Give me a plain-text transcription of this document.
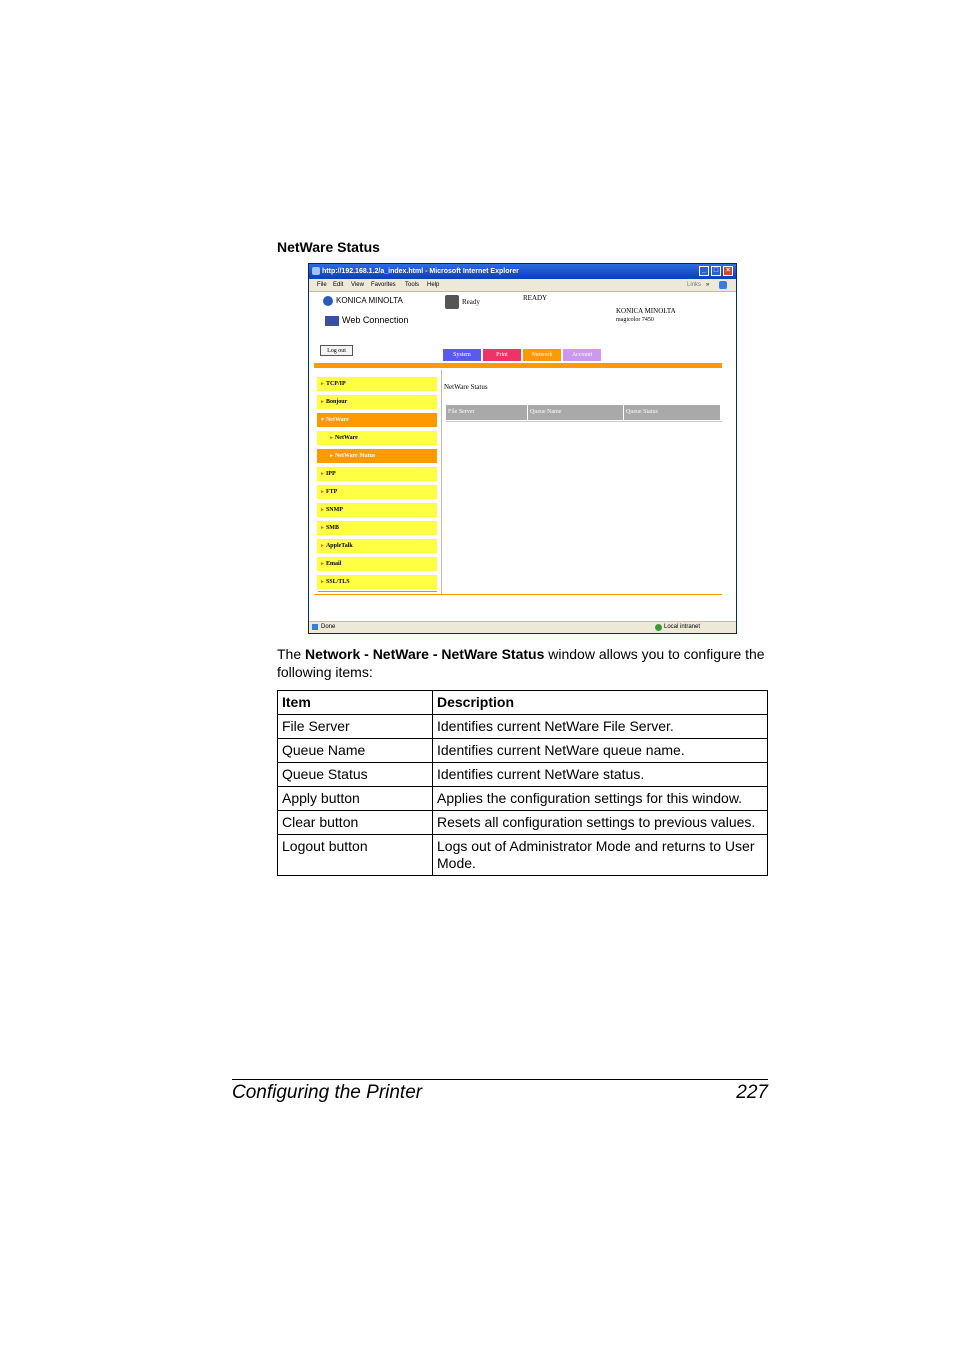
NetWare Status
http://192.168.1.2/a_index.html - Microsoft Internet Explorer	_	□	×
File Edit View Favorites Tools Help	Links »
KONICA MINOLTA
Web Connection
Ready	READY
KONICA MINOLTA
magicolor 7450
Log out
System	Print	Network	Account
►TCP/IP
►Bonjour
▼NetWare
►NetWare
►NetWare Status
►IPP
►FTP
►SNMP
►SMB
►AppleTalk
►Email
►SSL/TLS
NetWare Status
File Server	Queue Name	Queue Status
Done	Local intranet
The Network - NetWare - NetWare Status window allows you to configure the following items:
Item	Description
File Server	Identifies current NetWare File Server.
Queue Name	Identifies current NetWare queue name.
Queue Status	Identifies current NetWare status.
Apply button	Applies the configuration settings for this window.
Clear button	Resets all configuration settings to previous values.
Logout button	Logs out of Administrator Mode and returns to User Mode.
Configuring the Printer	227
